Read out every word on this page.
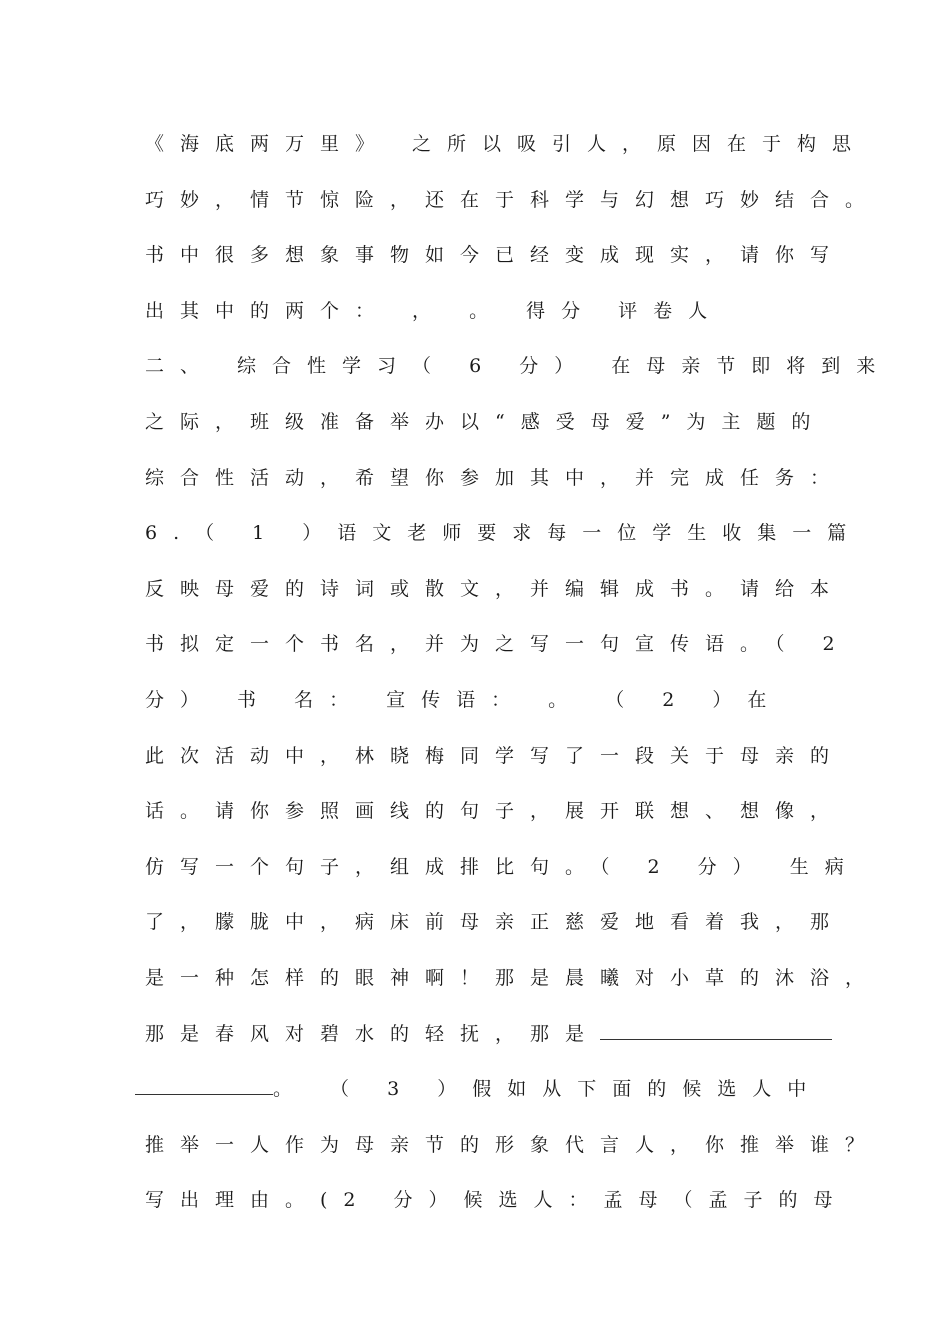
《海底两万里》 之所以吸引人，原因在于构思
巧妙，情节惊险，还在于科学与幻想巧妙结合。
书中很多想象事物如今已经变成现实，请你写
出其中的两个： ， 。 得分 评卷人
二、 综合性学习（ 6 分） 在母亲节即将到来
之际，班级准备举办以“感受母爱”为主题的
综合性活动，希望你参加其中，并完成任务：
6.（ 1 ）语文老师要求每一位学生收集一篇
反映母爱的诗词或散文，并编辑成书。请给本
书拟定一个书名，并为之写一句宣传语。（ 2
分） 书 名： 宣传语： 。 （ 2 ）在
此次活动中，林晓梅同学写了一段关于母亲的
话。请你参照画线的句子，展开联想、想像，
仿写一个句子，组成排比句。（ 2 分） 生病
了，朦胧中，病床前母亲正慈爱地看着我，那
是一种怎样的眼神啊！那是晨曦对小草的沐浴，
那是春风对碧水的轻抚，那是
。 （ 3 ）假如从下面的候选人中
推举一人作为母亲节的形象代言人，你推举谁？
写出理由。(2 分）候选人：孟母（孟子的母
